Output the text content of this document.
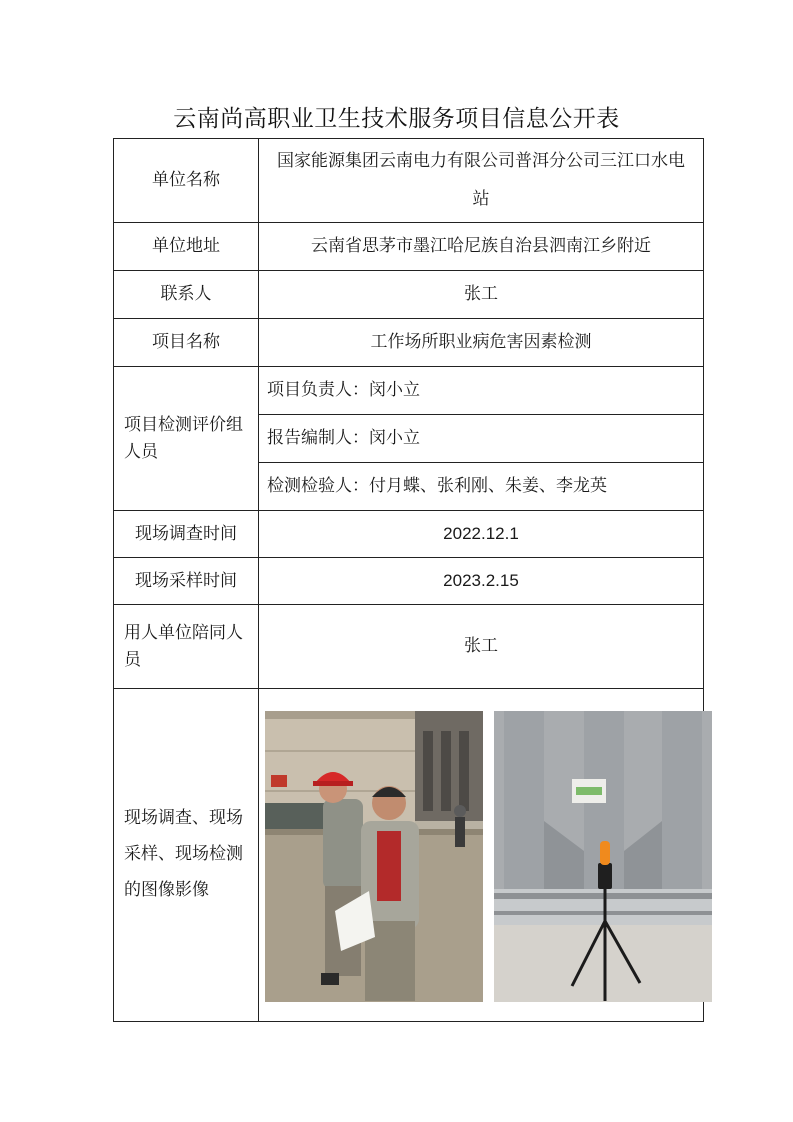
云南尚高职业卫生技术服务项目信息公开表
单位名称	国家能源集团云南电力有限公司普洱分公司三江口水电站
单位地址	云南省思茅市墨江哈尼族自治县泗南江乡附近
联系人	张工
项目名称	工作场所职业病危害因素检测
项目检测评价组人员	项目负责人：闵小立
	报告编制人：闵小立
	检测检验人：付月蝶、张利刚、朱姜、李龙英
现场调查时间	2022.12.1
现场采样时间	2023.2.15
用人单位陪同人员	张工
现场调查、现场采样、现场检测的图像影像	
